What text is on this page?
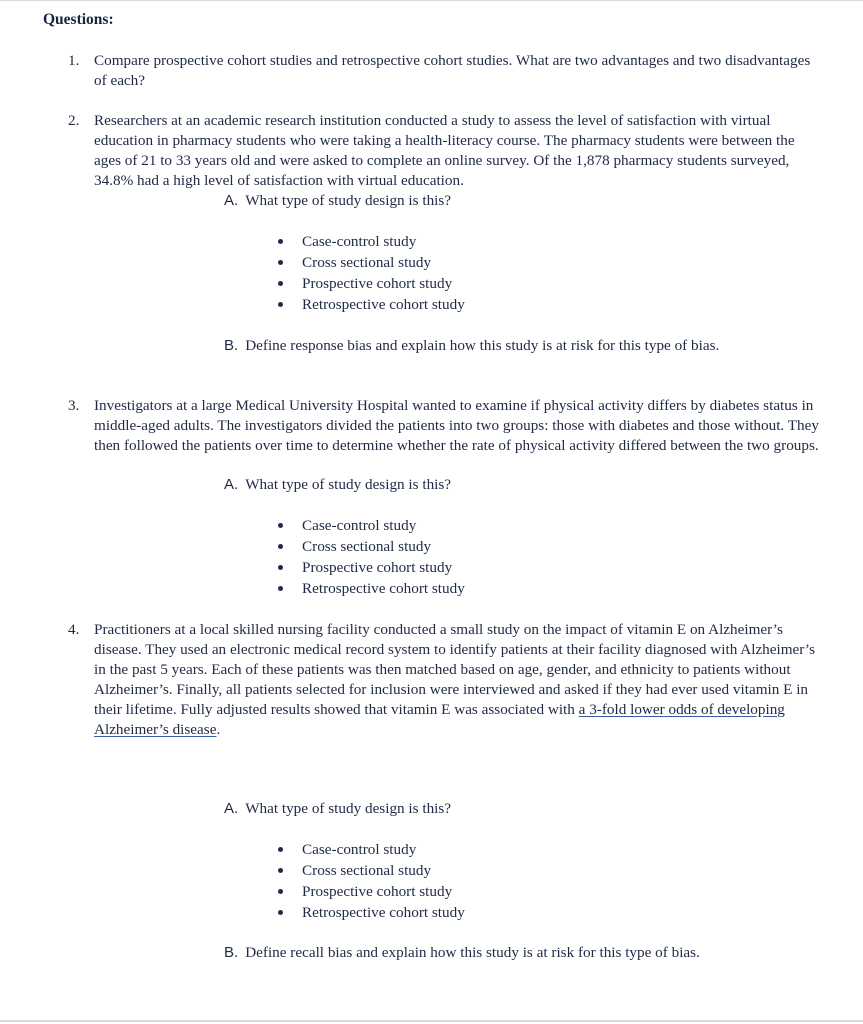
Questions:
1. Compare prospective cohort studies and retrospective cohort studies. What are two advantages and two disadvantages of each?

2. Researchers at an academic research institution conducted a study to assess the level of satisfaction with virtual education in pharmacy students who were taking a health-literacy course. The pharmacy students were between the ages of 21 to 33 years old and were asked to complete an online survey. Of the 1,878 pharmacy students surveyed, 34.8% had a high level of satisfaction with virtual education.

A. What type of study design is this?
Case-control study
Cross sectional study
Prospective cohort study
Retrospective cohort study
B. Define response bias and explain how this study is at risk for this type of bias.
3. Investigators at a large Medical University Hospital wanted to examine if physical activity differs by diabetes status in middle-aged adults. The investigators divided the patients into two groups: those with diabetes and those without. They then followed the patients over time to determine whether the rate of physical activity differed between the two groups.

A. What type of study design is this?
Case-control study
Cross sectional study
Prospective cohort study
Retrospective cohort study
4. Practitioners at a local skilled nursing facility conducted a small study on the impact of vitamin E on Alzheimer’s disease. They used an electronic medical record system to identify patients at their facility diagnosed with Alzheimer’s in the past 5 years. Each of these patients was then matched based on age, gender, and ethnicity to patients without Alzheimer’s. Finally, all patients selected for inclusion were interviewed and asked if they had ever used vitamin E in their lifetime. Fully adjusted results showed that vitamin E was associated with a 3-fold lower odds of developing Alzheimer’s disease.

A. What type of study design is this?
Case-control study
Cross sectional study
Prospective cohort study
Retrospective cohort study
B. Define recall bias and explain how this study is at risk for this type of bias.
